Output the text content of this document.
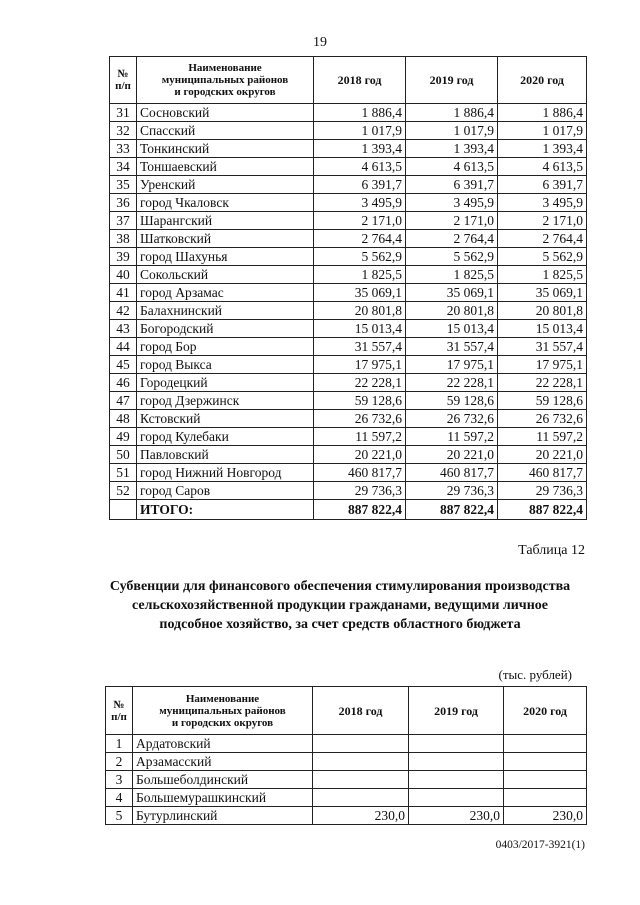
19
№
п/п	Наименование
муниципальных районов
и городских округов	2018 год	2019 год	2020 год
31	Сосновский	1 886,4	1 886,4	1 886,4
32	Спасский	1 017,9	1 017,9	1 017,9
33	Тонкинский	1 393,4	1 393,4	1 393,4
34	Тоншаевский	4 613,5	4 613,5	4 613,5
35	Уренский	6 391,7	6 391,7	6 391,7
36	город Чкаловск	3 495,9	3 495,9	3 495,9
37	Шарангский	2 171,0	2 171,0	2 171,0
38	Шатковский	2 764,4	2 764,4	2 764,4
39	город Шахунья	5 562,9	5 562,9	5 562,9
40	Сокольский	1 825,5	1 825,5	1 825,5
41	город Арзамас	35 069,1	35 069,1	35 069,1
42	Балахнинский	20 801,8	20 801,8	20 801,8
43	Богородский	15 013,4	15 013,4	15 013,4
44	город Бор	31 557,4	31 557,4	31 557,4
45	город Выкса	17 975,1	17 975,1	17 975,1
46	Городецкий	22 228,1	22 228,1	22 228,1
47	город Дзержинск	59 128,6	59 128,6	59 128,6
48	Кстовский	26 732,6	26 732,6	26 732,6
49	город Кулебаки	11 597,2	11 597,2	11 597,2
50	Павловский	20 221,0	20 221,0	20 221,0
51	город Нижний Новгород	460 817,7	460 817,7	460 817,7
52	город Саров	29 736,3	29 736,3	29 736,3
	ИТОГО:	887 822,4	887 822,4	887 822,4
Таблица 12
Субвенции для финансового обеспечения стимулирования производства сельскохозяйственной продукции гражданами, ведущими личное подсобное хозяйство, за счет средств областного бюджета
(тыс. рублей)
№
п/п	Наименование
муниципальных районов
и городских округов	2018 год	2019 год	2020 год
1	Ардатовский			
2	Арзамасский			
3	Большеболдинский			
4	Большемурашкинский			
5	Бутурлинский	230,0	230,0	230,0
0403/2017-3921(1)
